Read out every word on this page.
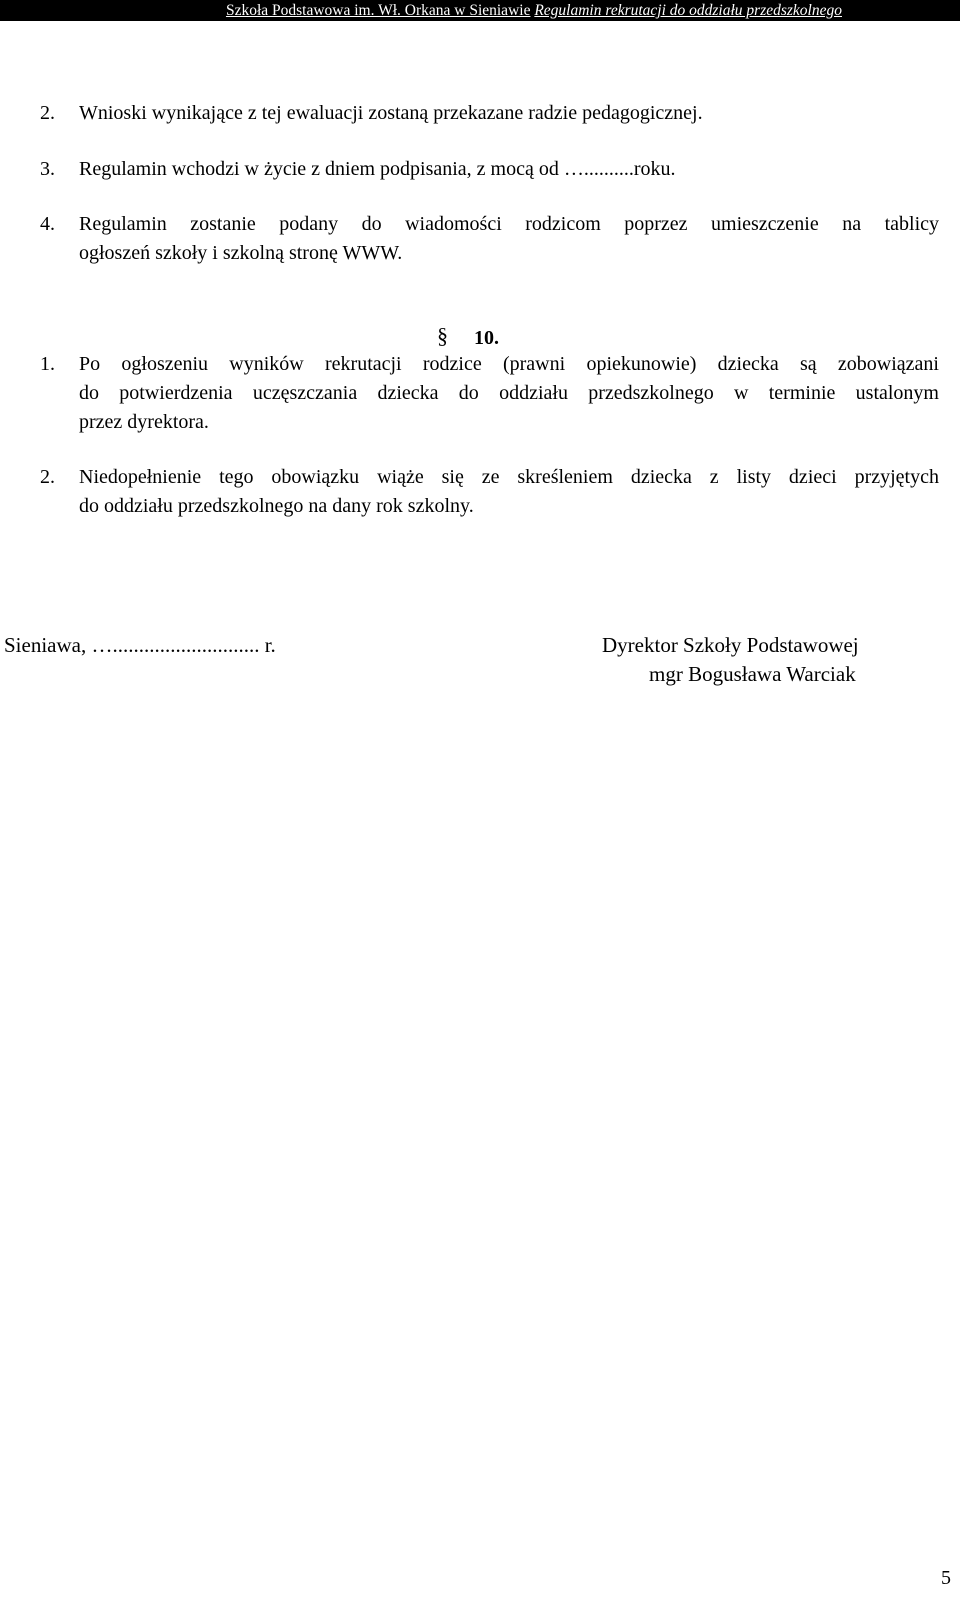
Szkoła Podstawowa im. Wł. Orkana w Sieniawie Regulamin rekrutacji do oddziału przedszkolnego
2. Wnioski wynikające z tej ewaluacji zostaną przekazane radzie pedagogicznej.
3. Regulamin wchodzi w życie z dniem podpisania, z mocą od …..........roku.
4. Regulamin zostanie podany do wiadomości rodzicom poprzez umieszczenie na tablicy
ogłoszeń szkoły i szkolną stronę WWW.
§ 10.
1. Po ogłoszeniu wyników rekrutacji rodzice (prawni opiekunowie) dziecka są zobowiązani
do potwierdzenia uczęszczania dziecka do oddziału przedszkolnego w terminie ustalonym
przez dyrektora.
2. Niedopełnienie tego obowiązku wiąże się ze skreśleniem dziecka z listy dzieci przyjętych
do oddziału przedszkolnego na dany rok szkolny.
Sieniawa, …............................ r.	Dyrektor Szkoły Podstawowej
mgr Bogusława Warciak
5
